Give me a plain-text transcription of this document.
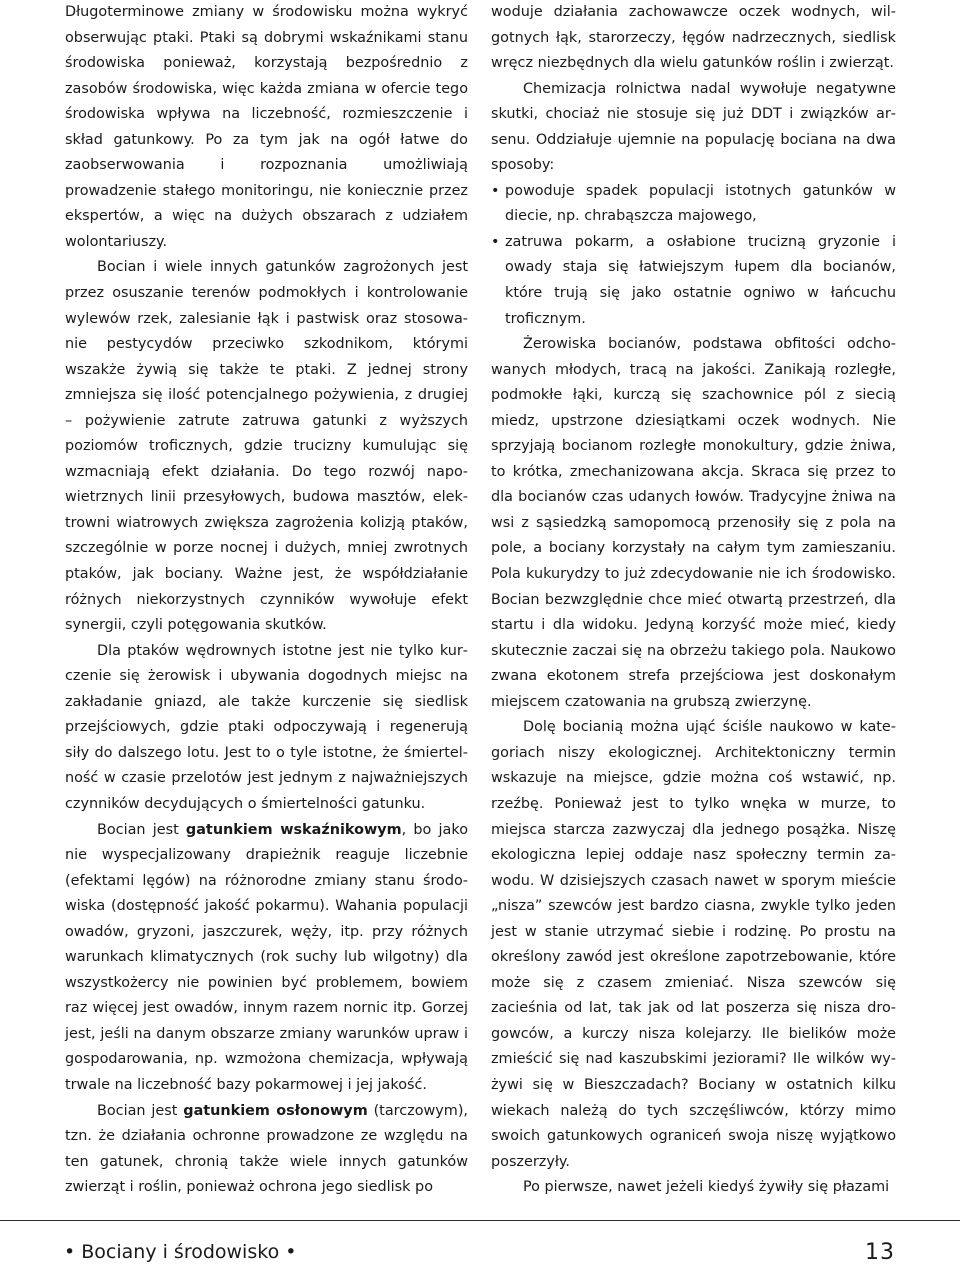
Długoterminowe zmiany w środowisku można wykryć obserwując ptaki. Ptaki są dobrymi wskaźnikami stanu środowiska ponieważ, korzystają bezpośrednio z zasobów środowiska, więc każda zmiana w ofercie tego środowiska wpływa na liczebność, rozmieszczenie i skład gatunkowy. Po za tym jak na ogół łatwe do zaobserwowania i rozpoznania umożliwiają prowadzenie stałego monitoringu, nie koniecznie przez ekspertów, a więc na dużych obszarach z udziałem wolontariuszy.

Bocian i wiele innych gatunków zagrożonych jest przez osuszanie terenów podmokłych i kontrolowanie wylewów rzek, zalesianie łąk i pastwisk oraz stosowanie pestycydów przeciwko szkodnikom, którymi wszakże żywią się także te ptaki. Z jednej strony zmniejsza się ilość potencjalnego pożywienia, z drugiej – pożywienie zatrute zatruwa gatunki z wyższych poziomów troficznych, gdzie trucizny kumulując się wzmacniają efekt działania. Do tego rozwój napowietrznych linii przesyłowych, budowa masztów, elektrowni wiatrowych zwiększa zagrożenia kolizją ptaków, szczególnie w porze nocnej i dużych, mniej zwrotnych ptaków, jak bociany. Ważne jest, że współdziałanie różnych niekorzystnych czynników wywołuje efekt synergii, czyli potęgowania skutków.

Dla ptaków wędrownych istotne jest nie tylko kurczenie się żerowisk i ubywania dogodnych miejsc na zakładanie gniazd, ale także kurczenie się siedlisk przejściowych, gdzie ptaki odpoczywają i regenerują siły do dalszego lotu. Jest to o tyle istotne, że śmiertelność w czasie przelotów jest jednym z najważniejszych czynników decydujących o śmiertelności gatunku.

Bocian jest gatunkiem wskaźnikowym, bo jako nie wyspecjalizowany drapieżnik reaguje liczebnie (efektami lęgów) na różnorodne zmiany stanu środowiska (dostępność jakość pokarmu). Wahania populacji owadów, gryzoni, jaszczurek, węży, itp. przy różnych warunkach klimatycznych (rok suchy lub wilgotny) dla wszystkożercy nie powinien być problemem, bowiem raz więcej jest owadów, innym razem nornic itp. Gorzej jest, jeśli na danym obszarze zmiany warunków upraw i gospodarowania, np. wzmożona chemizacja, wpływają trwale na liczebność bazy pokarmowej i jej jakość.

Bocian jest gatunkiem osłonowym (tarczowym), tzn. że działania ochronne prowadzone ze względu na ten gatunek, chronią także wiele innych gatunków zwierząt i roślin, ponieważ ochrona jego siedlisk po

woduje działania zachowawcze oczek wodnych, wilgotnych łąk, starorzeczy, łęgów nadrzecznych, siedlisk wręcz niezbędnych dla wielu gatunków roślin i zwierząt.

Chemizacja rolnictwa nadal wywołuje negatywne skutki, chociaż nie stosuje się już DDT i związków arsenu. Oddziałuje ujemnie na populację bociana na dwa sposoby:

• powoduje spadek populacji istotnych gatunków w diecie, np. chrabąszcza majowego,
• zatruwa pokarm, a osłabione trucizną gryzonie i owady staja się łatwiejszym łupem dla bocianów, które trują się jako ostatnie ogniwo w łańcuchu troficznym.

Żerowiska bocianów, podstawa obfitości odchowanych młodych, tracą na jakości. Zanikają rozległe, podmokłe łąki, kurczą się szachownice pól z siecią miedz, upstrzone dziesiątkami oczek wodnych. Nie sprzyjają bocianom rozległe monokultury, gdzie żniwa, to krótka, zmechanizowana akcja. Skraca się przez to dla bocianów czas udanych łowów. Tradycyjne żniwa na wsi z sąsiedzką samopomocą przenosiły się z pola na pole, a bociany korzystały na całym tym zamieszaniu. Pola kukurydzy to już zdecydowanie nie ich środowisko. Bocian bezwzględnie chce mieć otwartą przestrzeń, dla startu i dla widoku. Jedyną korzyść może mieć, kiedy skutecznie zaczai się na obrzeżu takiego pola. Naukowo zwana ekotonem strefa przejściowa jest doskonałym miejscem czatowania na grubszą zwierzynę.

Dolę bocianią można ująć ściśle naukowo w kategoriach niszy ekologicznej. Architektoniczny termin wskazuje na miejsce, gdzie można coś wstawić, np. rzeźbę. Ponieważ jest to tylko wnęka w murze, to miejsca starcza zazwyczaj dla jednego posążka. Niszę ekologiczna lepiej oddaje nasz społeczny termin zawodu. W dzisiejszych czasach nawet w sporym mieście „nisza” szewców jest bardzo ciasna, zwykle tylko jeden jest w stanie utrzymać siebie i rodzinę. Po prostu na określony zawód jest określone zapotrzebowanie, które może się z czasem zmieniać. Nisza szewców się zacieśnia od lat, tak jak od lat poszerza się nisza drogowców, a kurczy nisza kolejarzy. Ile bielików może zmieścić się nad kaszubskimi jeziorami? Ile wilków wyżywi się w Bieszczadach? Bociany w ostatnich kilku wiekach należą do tych szczęśliwców, którzy mimo swoich gatunkowych ograniceń swoja niszę wyjątkowo poszerzyły.

Po pierwsze, nawet jeżeli kiedyś żywiły się płazami

• Bociany i środowisko •	13
